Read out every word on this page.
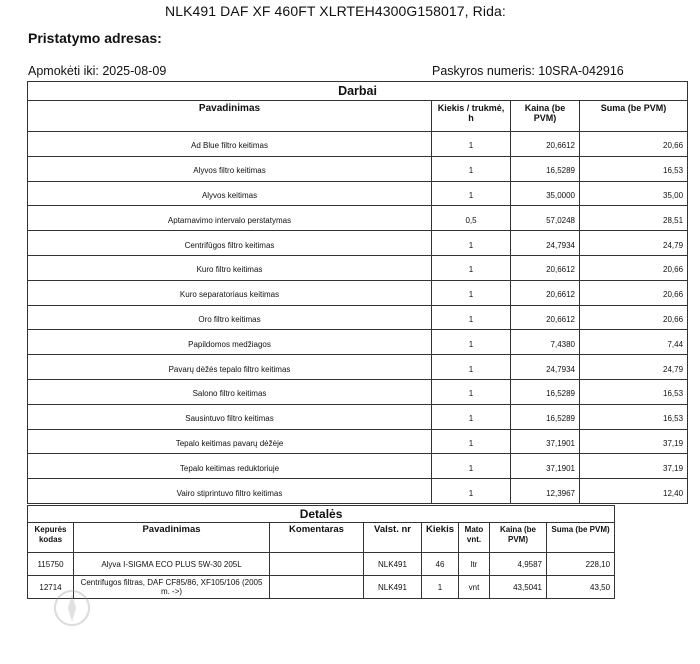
NLK491 DAF XF 460FT XLRTEH4300G158017, Rida:
Pristatymo adresas:
Apmokėti iki: 2025-08-09	Paskyros numeris: 10SRA-042916
Darbai			
Pavadinimas	Kiekis / trukmė, h	Kaina (be PVM)	Suma (be PVM)
Ad Blue filtro keitimas	1	20,6612	20,66
Alyvos filtro keitimas	1	16,5289	16,53
Alyvos keitimas	1	35,0000	35,00
Aptarnavimo intervalo perstatymas	0,5	57,0248	28,51
Centrifūgos filtro keitimas	1	24,7934	24,79
Kuro filtro keitimas	1	20,6612	20,66
Kuro separatoriaus keitimas	1	20,6612	20,66
Oro filtro keitimas	1	20,6612	20,66
Papildomos medžiagos	1	7,4380	7,44
Pavarų dėžės tepalo filtro keitimas	1	24,7934	24,79
Salono filtro keitimas	1	16,5289	16,53
Sausintuvo filtro keitimas	1	16,5289	16,53
Tepalo keitimas pavarų dėžėje	1	37,1901	37,19
Tepalo keitimas reduktoriuje	1	37,1901	37,19
Vairo stiprintuvo filtro keitimas	1	12,3967	12,40
Detalės							
Kepurės kodas	Pavadinimas	Komentaras	Valst. nr	Kiekis	Mato vnt.	Kaina (be PVM)	Suma (be PVM)
115750	Alyva I-SIGMA ECO PLUS 5W-30 205L		NLK491	46	ltr	4,9587	228,10
12714	Centrifugos filtras, DAF CF85/86, XF105/106 (2005 m. ->)		NLK491	1	vnt	43,5041	43,50
